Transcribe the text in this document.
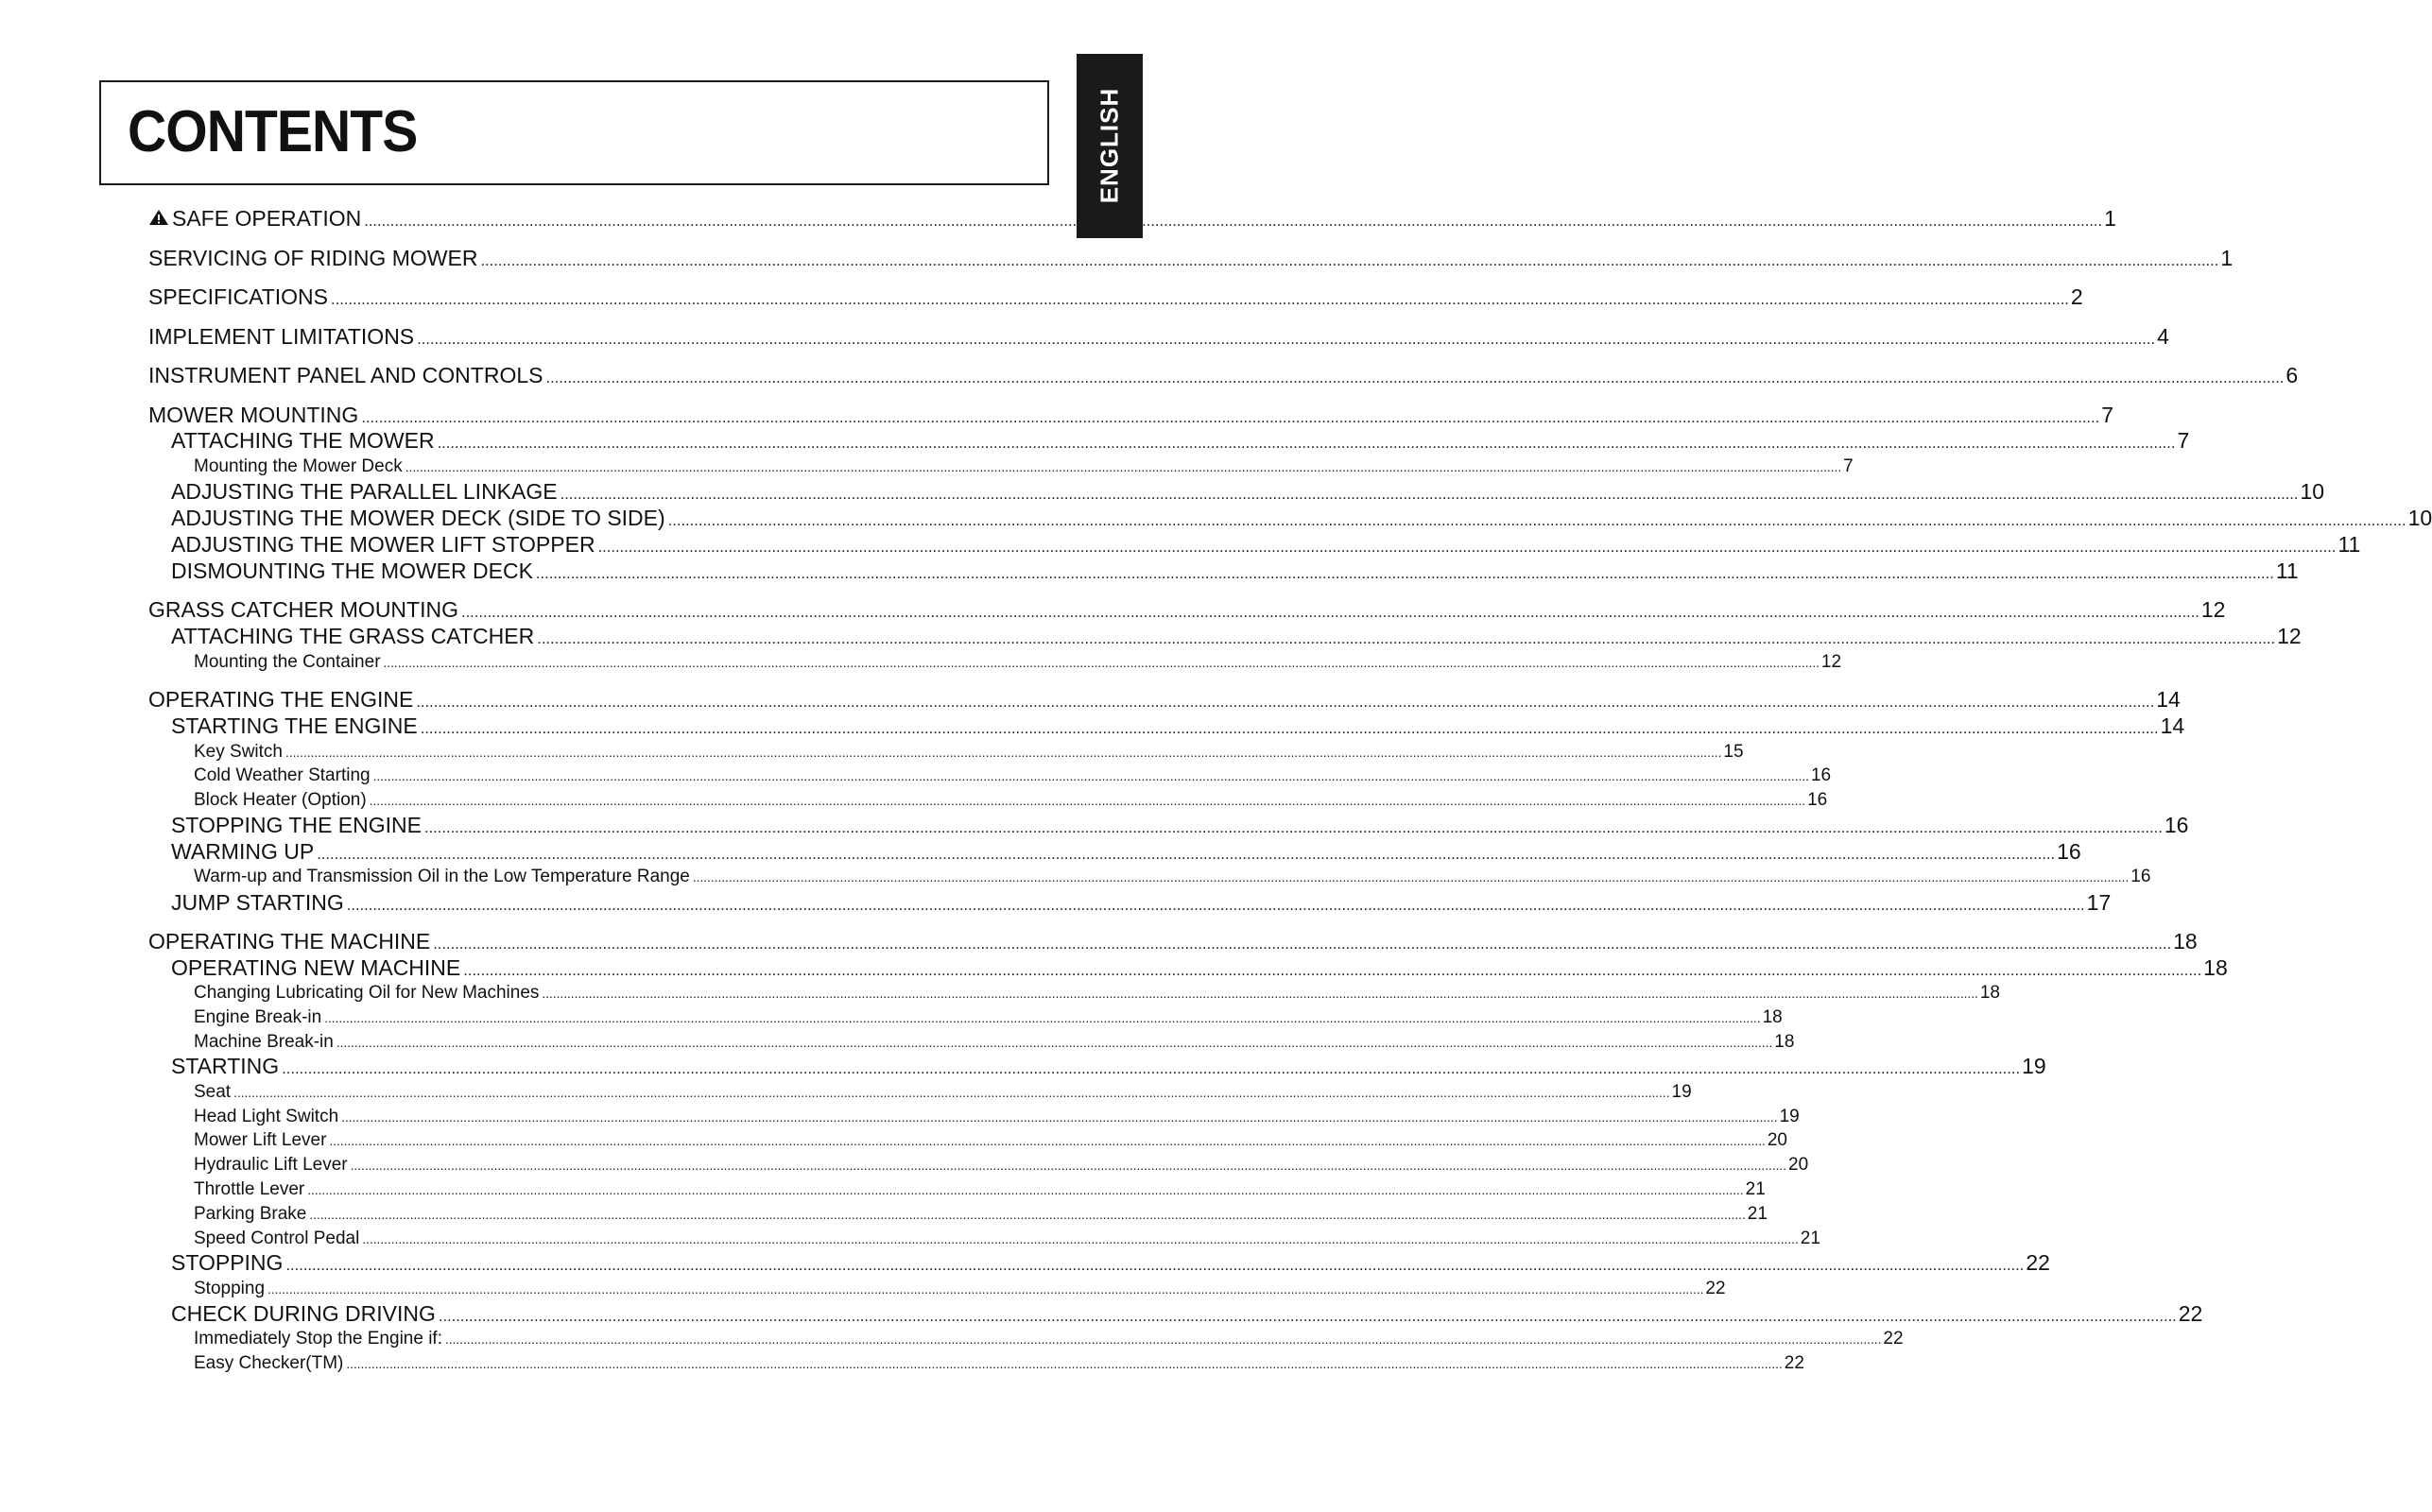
CONTENTS	ENGLISH
SAFE OPERATION ................................................................................................................................................................................................................................................................................................................................................................................................................ 1
SERVICING OF RIDING MOWER ................................................................................................................................................................................................................................................................................................................................................................................................................ 1
SPECIFICATIONS ................................................................................................................................................................................................................................................................................................................................................................................................................ 2
IMPLEMENT LIMITATIONS ................................................................................................................................................................................................................................................................................................................................................................................................................ 4
INSTRUMENT PANEL AND CONTROLS ................................................................................................................................................................................................................................................................................................................................................................................................................ 6
MOWER MOUNTING ................................................................................................................................................................................................................................................................................................................................................................................................................ 7
ATTACHING THE MOWER ................................................................................................................................................................................................................................................................................................................................................................................................................ 7
Mounting the Mower Deck ................................................................................................................................................................................................................................................................................................................................................................................................................ 7
ADJUSTING THE PARALLEL LINKAGE ................................................................................................................................................................................................................................................................................................................................................................................................................ 10
ADJUSTING THE MOWER DECK (SIDE TO SIDE) ................................................................................................................................................................................................................................................................................................................................................................................................................ 10
ADJUSTING THE MOWER LIFT STOPPER ................................................................................................................................................................................................................................................................................................................................................................................................................ 11
DISMOUNTING THE MOWER DECK ................................................................................................................................................................................................................................................................................................................................................................................................................ 11
GRASS CATCHER MOUNTING ................................................................................................................................................................................................................................................................................................................................................................................................................ 12
ATTACHING THE GRASS CATCHER ................................................................................................................................................................................................................................................................................................................................................................................................................ 12
Mounting the Container ................................................................................................................................................................................................................................................................................................................................................................................................................ 12
OPERATING THE ENGINE ................................................................................................................................................................................................................................................................................................................................................................................................................ 14
STARTING THE ENGINE ................................................................................................................................................................................................................................................................................................................................................................................................................ 14
Key Switch ................................................................................................................................................................................................................................................................................................................................................................................................................ 15
Cold Weather Starting ................................................................................................................................................................................................................................................................................................................................................................................................................ 16
Block Heater (Option) ................................................................................................................................................................................................................................................................................................................................................................................................................ 16
STOPPING THE ENGINE ................................................................................................................................................................................................................................................................................................................................................................................................................ 16
WARMING UP ................................................................................................................................................................................................................................................................................................................................................................................................................ 16
Warm-up and Transmission Oil in the Low Temperature Range ................................................................................................................................................................................................................................................................................................................................................................................................................ 16
JUMP STARTING ................................................................................................................................................................................................................................................................................................................................................................................................................ 17
OPERATING THE MACHINE ................................................................................................................................................................................................................................................................................................................................................................................................................ 18
OPERATING NEW MACHINE ................................................................................................................................................................................................................................................................................................................................................................................................................ 18
Changing Lubricating Oil for New Machines ................................................................................................................................................................................................................................................................................................................................................................................................................ 18
Engine Break-in ................................................................................................................................................................................................................................................................................................................................................................................................................ 18
Machine Break-in ................................................................................................................................................................................................................................................................................................................................................................................................................ 18
STARTING ................................................................................................................................................................................................................................................................................................................................................................................................................ 19
Seat ................................................................................................................................................................................................................................................................................................................................................................................................................ 19
Head Light Switch ................................................................................................................................................................................................................................................................................................................................................................................................................ 19
Mower Lift Lever ................................................................................................................................................................................................................................................................................................................................................................................................................ 20
Hydraulic Lift Lever ................................................................................................................................................................................................................................................................................................................................................................................................................ 20
Throttle Lever ................................................................................................................................................................................................................................................................................................................................................................................................................ 21
Parking Brake ................................................................................................................................................................................................................................................................................................................................................................................................................ 21
Speed Control Pedal ................................................................................................................................................................................................................................................................................................................................................................................................................ 21
STOPPING ................................................................................................................................................................................................................................................................................................................................................................................................................ 22
Stopping ................................................................................................................................................................................................................................................................................................................................................................................................................ 22
CHECK DURING DRIVING ................................................................................................................................................................................................................................................................................................................................................................................................................ 22
Immediately Stop the Engine if: ................................................................................................................................................................................................................................................................................................................................................................................................................ 22
Easy Checker(TM) ................................................................................................................................................................................................................................................................................................................................................................................................................ 22
